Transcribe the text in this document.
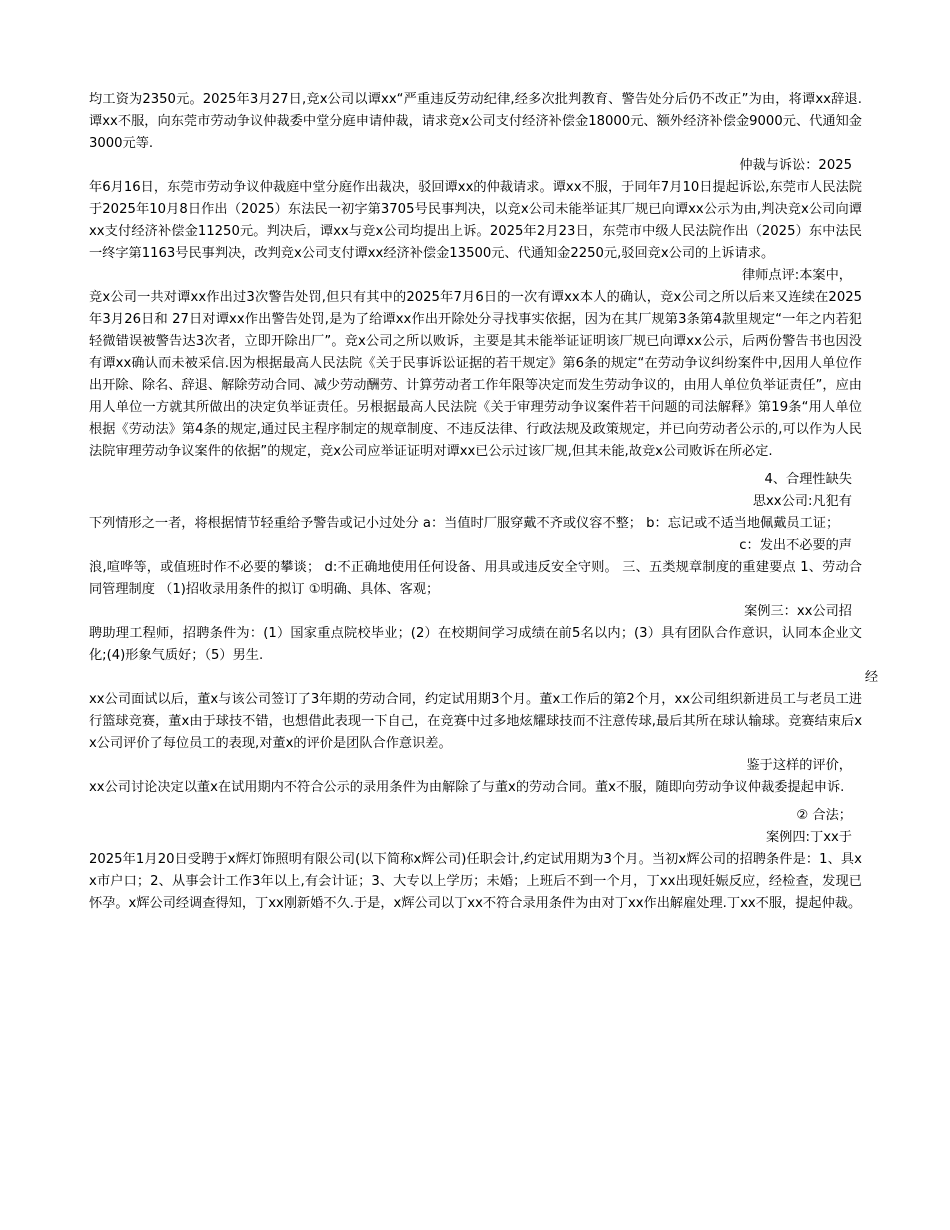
均工资为2350元。2025年3月27日,竞x公司以谭xx“严重违反劳动纪律,经多次批判教育、警告处分后仍不改正”为由，将谭xx辞退.谭xx不服，向东莞市劳动争议仲裁委中堂分庭申请仲裁，请求竞x公司支付经济补偿金18000元、额外经济补偿金9000元、代通知金3000元等.

仲裁与诉讼：2025

年6月16日，东莞市劳动争议仲裁庭中堂分庭作出裁决，驳回谭xx的仲裁请求。谭xx不服，于同年7月10日提起诉讼,东莞市人民法院于2025年10月8日作出（2025）东法民一初字第3705号民事判决，以竞x公司未能举证其厂规已向谭xx公示为由,判决竞x公司向谭xx支付经济补偿金11250元。判决后，谭xx与竞x公司均提出上诉。2025年2月23日，东莞市中级人民法院作出（2025）东中法民一终字第1163号民事判决，改判竞x公司支付谭xx经济补偿金13500元、代通知金2250元,驳回竞x公司的上诉请求。

律师点评:本案中，

竞x公司一共对谭xx作出过3次警告处罚,但只有其中的2025年7月6日的一次有谭xx本人的确认，竞x公司之所以后来又连续在2025年3月26日和 27日对谭xx作出警告处罚,是为了给谭xx作出开除处分寻找事实依据，因为在其厂规第3条第4款里规定“一年之内若犯轻微错误被警告达3次者，立即开除出厂”。竞x公司之所以败诉，主要是其未能举证证明该厂规已向谭xx公示，后两份警告书也因没有谭xx确认而未被采信.因为根据最高人民法院《关于民事诉讼证据的若干规定》第6条的规定“在劳动争议纠纷案件中,因用人单位作出开除、除名、辞退、解除劳动合同、减少劳动酬劳、计算劳动者工作年限等决定而发生劳动争议的，由用人单位负举证责任”，应由用人单位一方就其所做出的决定负举证责任。另根据最高人民法院《关于审理劳动争议案件若干问题的司法解释》第19条“用人单位根据《劳动法》第4条的规定,通过民主程序制定的规章制度、不违反法律、行政法规及政策规定，并已向劳动者公示的,可以作为人民法院审理劳动争议案件的依据”的规定，竞x公司应举证证明对谭xx已公示过该厂规,但其未能,故竞x公司败诉在所必定.

4、合理性缺失

思xx公司:凡犯有

下列情形之一者，将根据情节轻重给予警告或记小过处分 a：当值时厂服穿戴不齐或仪容不整； b：忘记或不适当地佩戴员工证；

c：发出不必要的声

浪,喧哗等，或值班时作不必要的攀谈； d:不正确地使用任何设备、用具或违反安全守则。 三、五类规章制度的重建要点 1、劳动合同管理制度 （1)招收录用条件的拟订 ①明确、具体、客观；

案例三：xx公司招

聘助理工程师，招聘条件为：(1）国家重点院校毕业；(2）在校期间学习成绩在前5名以内；(3）具有团队合作意识，认同本企业文化;(4)形象气质好；（5）男生.

经

xx公司面试以后，董x与该公司签订了3年期的劳动合同，约定试用期3个月。董x工作后的第2个月，xx公司组织新进员工与老员工进行篮球竞赛，董x由于球技不错，也想借此表现一下自己，在竞赛中过多地炫耀球技而不注意传球,最后其所在球认输球。竞赛结束后xx公司评价了每位员工的表现,对董x的评价是团队合作意识差。

鉴于这样的评价，

xx公司讨论决定以董x在试用期内不符合公示的录用条件为由解除了与董x的劳动合同。董x不服，随即向劳动争议仲裁委提起申诉.

② 合法；

案例四:丁xx于

2025年1月20日受聘于x辉灯饰照明有限公司(以下简称x辉公司)任职会计,约定试用期为3个月。当初x辉公司的招聘条件是：1、具xx市户口；2、从事会计工作3年以上,有会计证；3、大专以上学历；未婚；上班后不到一个月，丁xx出现妊娠反应，经检查，发现已怀孕。x辉公司经调查得知，丁xx刚新婚不久.于是，x辉公司以丁xx不符合录用条件为由对丁xx作出解雇处理.丁xx不服，提起仲裁。
